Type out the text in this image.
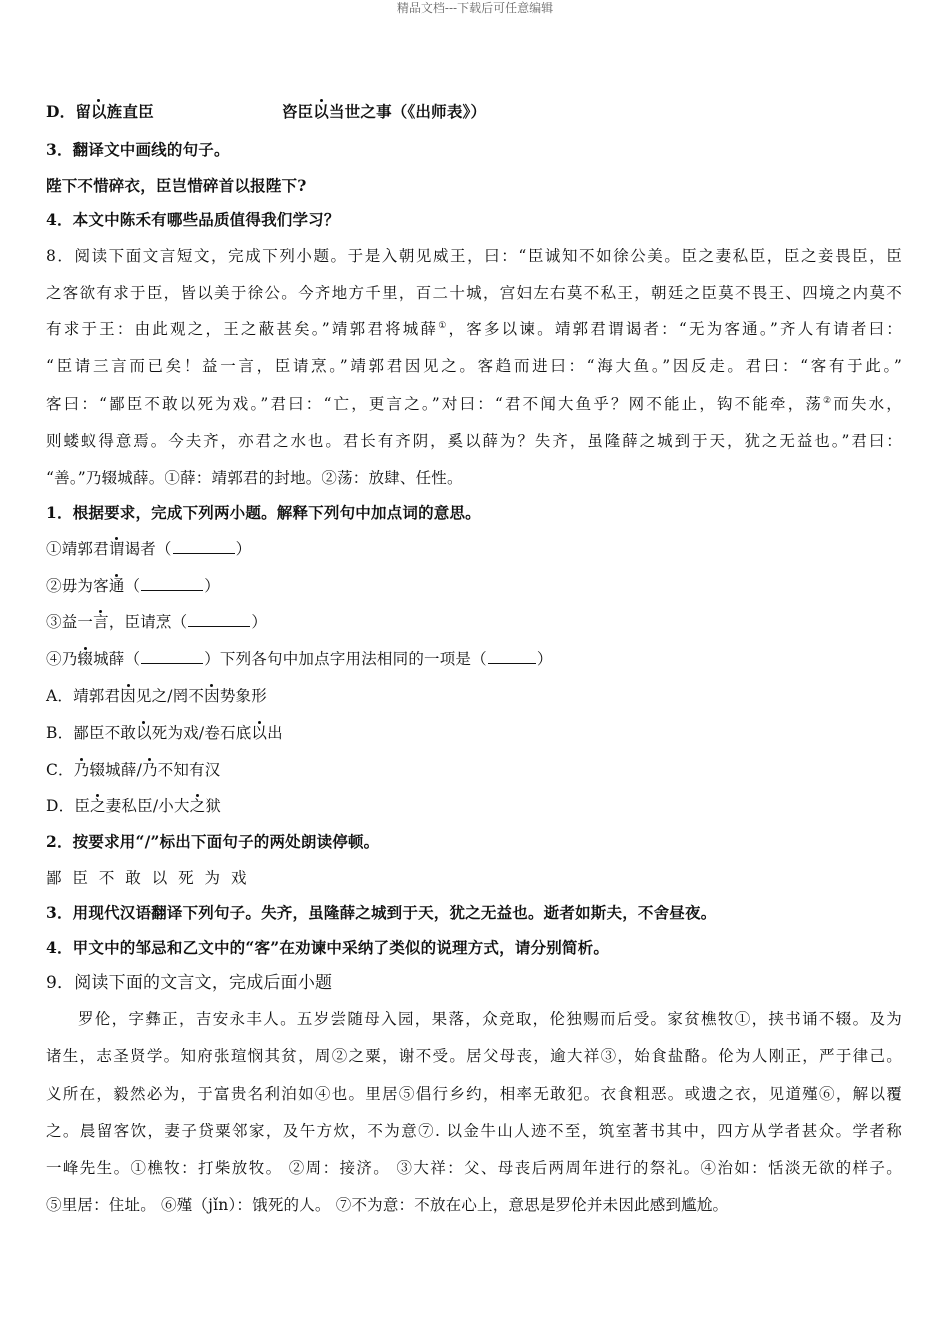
精品文档---下载后可任意编辑
D．留以旌直臣	咨臣以当世之事（《出师表》）
3．翻译文中画线的句子。
陛下不惜碎衣，臣岂惜碎首以报陛下?
4．本文中陈禾有哪些品质值得我们学习？
8．阅读下面文言短文，完成下列小题。于是入朝见威王，曰：“臣诚知不如徐公美。臣之妻私臣，臣之妾畏臣，臣
之客欲有求于臣，皆以美于徐公。今齐地方千里，百二十城，宫妇左右莫不私王，朝廷之臣莫不畏王、四境之内莫不
有求于王：由此观之，王之蔽甚矣。”靖郭君将城薛①，客多以谏。靖郭君谓谒者：“无为客通。”齐人有请者曰：
“臣请三言而已矣！益一言，臣请烹。”靖郭君因见之。客趋而进曰：“海大鱼。”因反走。君曰：“客有于此。”
客曰：“鄙臣不敢以死为戏。”君曰：“亡，更言之。”对曰：“君不闻大鱼乎？网不能止，钩不能牵，荡②而失水，
则蝼蚁得意焉。今夫齐，亦君之水也。君长有齐阴，奚以薛为？失齐，虽隆薛之城到于天，犹之无益也。”君曰：
“善。”乃辍城薛。①薛：靖郭君的封地。②荡：放肆、任性。
1．根据要求，完成下列两小题。解释下列句中加点词的意思。
①靖郭君谓谒者（	）
②毋为客通（	）
③益一言，臣请烹（	）
④乃辍城薛（	）下列各句中加点字用法相同的一项是（	）
A．靖郭君因见之/罔不因势象形
B．鄙臣不敢以死为戏/卷石底以出
C．乃辍城薛/乃不知有汉
D．臣之妻私臣/小大之狱
2．按要求用“/”标出下面句子的两处朗读停顿。
鄙 臣 不 敢 以 死 为 戏
3．用现代汉语翻译下列句子。失齐，虽隆薛之城到于天，犹之无益也。逝者如斯夫，不舍昼夜。
4．甲文中的邹忌和乙文中的“客”在劝谏中采纳了类似的说理方式，请分别简析。
9．阅读下面的文言文，完成后面小题
罗伦，字彝正，吉安永丰人。五岁尝随母入园，果落，众竞取，伦独赐而后受。家贫樵牧①，挟书诵不辍。及为
诸生，志圣贤学。知府张瑄悯其贫，周②之粟，谢不受。居父母丧，逾大祥③，始食盐酪。伦为人刚正，严于律己。
义所在，毅然必为，于富贵名利泊如④也。里居⑤倡行乡约，相率无敢犯。衣食粗恶。或遗之衣，见道殣⑥，解以覆
之。晨留客饮，妻子贷粟邻家，及午方炊，不为意⑦. 以金牛山人迹不至，筑室著书其中，四方从学者甚众。学者称
一峰先生。①樵牧：打柴放牧。 ②周：接济。 ③大祥：父、母丧后两周年进行的祭礼。④治如：恬淡无欲的样子。
⑤里居：住址。 ⑥殣（jǐn）：饿死的人。 ⑦不为意：不放在心上，意思是罗伦并未因此感到尴尬。
